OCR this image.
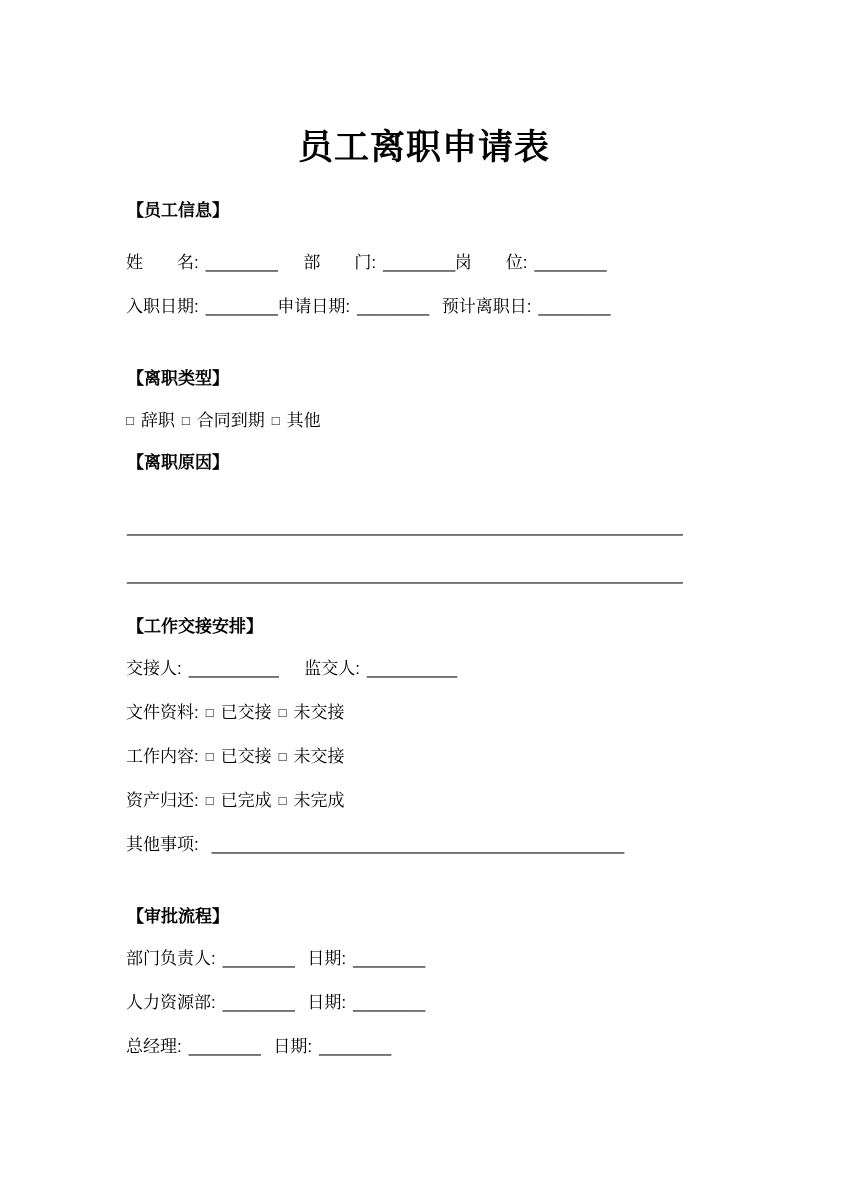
员工离职申请表
【员工信息】
姓　　名: ________ 部　　门: ________岗　　位: ________
入职日期: ________申请日期: ________ 预计离职日: ________
【离职类型】
□ 辞职 □ 合同到期 □ 其他
【离职原因】
______________________________________________________________
______________________________________________________________
【工作交接安排】
交接人: __________ 监交人: __________
文件资料: □ 已交接 □ 未交接
工作内容: □ 已交接 □ 未交接
资产归还: □ 已完成 □ 未完成
其他事项: ______________________________________________
【审批流程】
部门负责人: ________ 日期: ________
人力资源部: ________ 日期: ________
总经理: ________ 日期: ________
